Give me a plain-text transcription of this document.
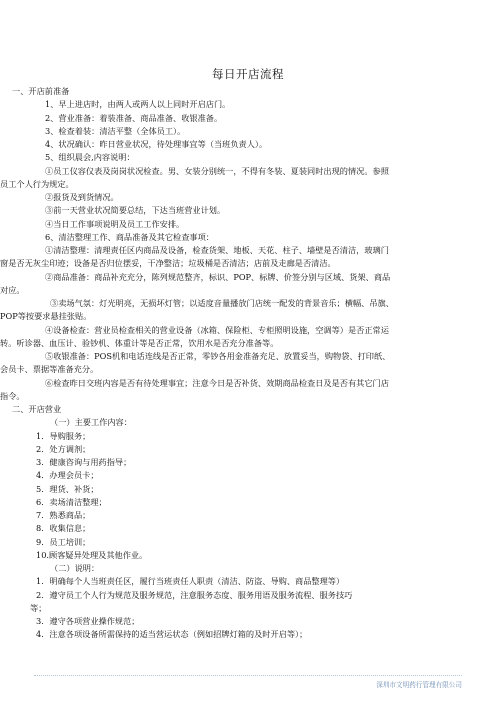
每日开店流程
一、开店前准备
1、早上进店时，由两人或两人以上同时开启店门。
2、营业准备：着装准备、商品准备、收银准备。
3、检查着装：清洁平整（全体员工）。
4、状况确认：昨日营业状况，待处理事宜等（当班负责人）。
5、组织晨会,内容说明：
①员工仪容仪表及岗岗状况检查。男、女装分别统一，不得有冬装、夏装同时出现的情况。参照
员工个人行为规定。
②报货及到货情况。
③前一天营业状况简要总结，下达当班营业计划。
④当日工作事项说明及员工工作安排。
6、清洁整理工作、商品准备及其它检查事项：
①清洁整理：清理责任区内商品及设备，检查货架、地板、天花、柱子、墙壁是否清洁，玻璃门
窗是否无灰尘印迹；设备是否归位摆妥，干净整洁；垃圾桶是否清洁；店前及走廊是否清洁。
②商品准备：商品补充充分，陈列规范整齐，标识、POP、标牌、价签分别与区域、货架、商品
对应。
③卖场气氛：灯光明亮，无损坏灯管；以适度音量播放门店统一配发的背景音乐；横幅、吊旗、
POP等按要求悬挂张贴。
④设备检查：营业员检查相关的营业设备（冰箱、保险柜、专柜照明设施，空调等）是否正常运
转。听诊器、血压计、验钞机、体重计等是否正常，饮用水是否充分准备等。
⑤收银准备：POS机和电话连线是否正常，零钞各用金准备充足、放置妥当，购物袋、打印纸、
会员卡、票据等准备充分。
⑥检查昨日交班内容是否有待处理事宜；注意今日是否补货、效期商品检查日及是否有其它门店
指令。
二、开店营业
（一）主要工作内容：
1．导购服务；
2．处方调剂；
3．健康咨询与用药指导；
4．办理会员卡；
5．理货、补货；
6．卖场清洁整理；
7．熟悉商品；
8．收集信息；
9．员工培训；
10.顾客疑异处理及其他作业。
（二）说明：
1．明确每个人当班责任区，履行当班责任人职责（清洁、防盗、导购、商品整理等）
2．遵守员工个人行为规范及服务规范，注意服务态度、服务用语及服务流程、服务技巧
等；
3．遵守各项营业操作规范；
4．注意各项设备所需保持的适当营运状态（例如招牌灯箱的及时开启等）；
深圳市文明药行管理有限公司
